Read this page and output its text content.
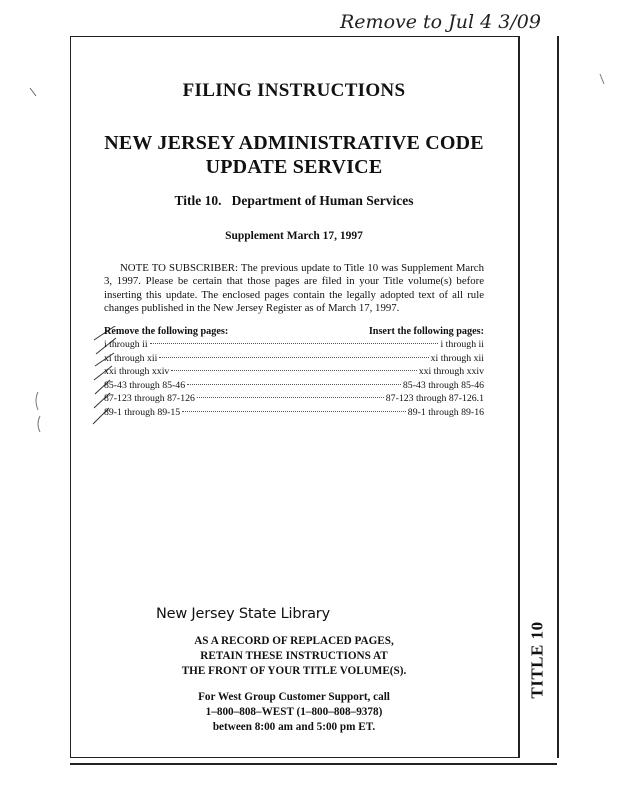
Remove to Jul 4 3/09
FILING INSTRUCTIONS
NEW JERSEY ADMINISTRATIVE CODE
UPDATE SERVICE
Title 10.   Department of Human Services
Supplement March 17, 1997
NOTE TO SUBSCRIBER: The previous update to Title 10 was Supplement March 3, 1997. Please be certain that those pages are filed in your Title volume(s) before inserting this update. The enclosed pages contain the legally adopted text of all rule changes published in the New Jersey Register as of March 17, 1997.
Remove the following pages:	Insert the following pages:
i through ii	i through ii
xi through xii	xi through xii
xxi through xxiv	xxi through xxiv
85-43 through 85-46	85-43 through 85-46
87-123 through 87-126	87-123 through 87-126.1
89-1 through 89-15	89-1 through 89-16
New Jersey State Library
AS A RECORD OF REPLACED PAGES,
RETAIN THESE INSTRUCTIONS AT
THE FRONT OF YOUR TITLE VOLUME(S).
For West Group Customer Support, call
1–800–808–WEST (1–800–808–9378)
between 8:00 am and 5:00 pm ET.
TITLE 10
